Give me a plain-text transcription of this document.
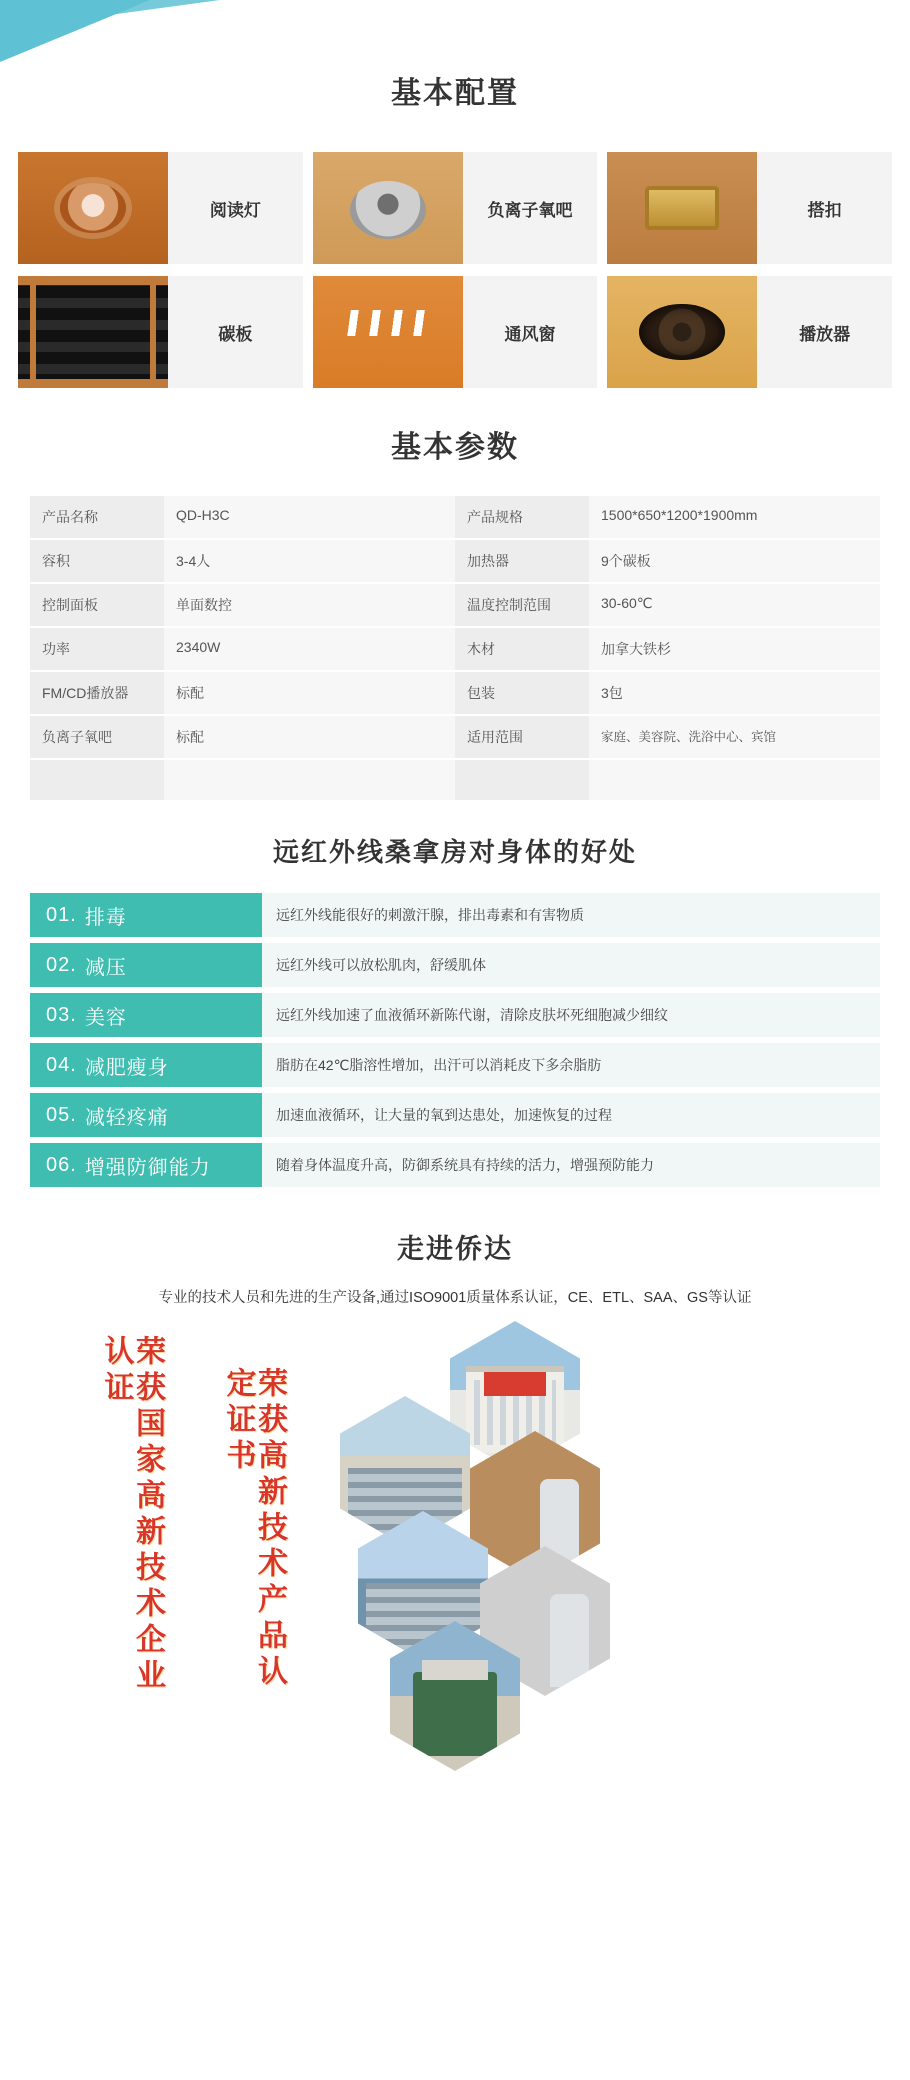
基本配置
阅读灯	负离子氧吧	搭扣
碳板	通风窗	播放器
基本参数
产品名称	QD-H3C	产品规格	1500*650*1200*1900mm
容积	3-4人	加热器	9个碳板
控制面板	单面数控	温度控制范围	30-60℃
功率	2340W	木材	加拿大铁杉
FM/CD播放器	标配	包装	3包
负离子氧吧	标配	适用范围	家庭、美容院、洗浴中心、宾馆
远红外线桑拿房对身体的好处
01. 排毒	远红外线能很好的刺激汗腺，排出毒素和有害物质
02. 减压	远红外线可以放松肌肉，舒缓肌体
03. 美容	远红外线加速了血液循环新陈代谢，清除皮肤坏死细胞减少细纹
04. 减肥瘦身	脂肪在42℃脂溶性增加，出汗可以消耗皮下多余脂肪
05. 减轻疼痛	加速血液循环，让大量的氧到达患处，加速恢复的过程
06. 增强防御能力	随着身体温度升高，防御系统具有持续的活力，增强预防能力
走进侨达
专业的技术人员和先进的生产设备,通过ISO9001质量体系认证，CE、ETL、SAA、GS等认证
荣获国家高新技术企业认证	荣获高新技术产品认定证书
